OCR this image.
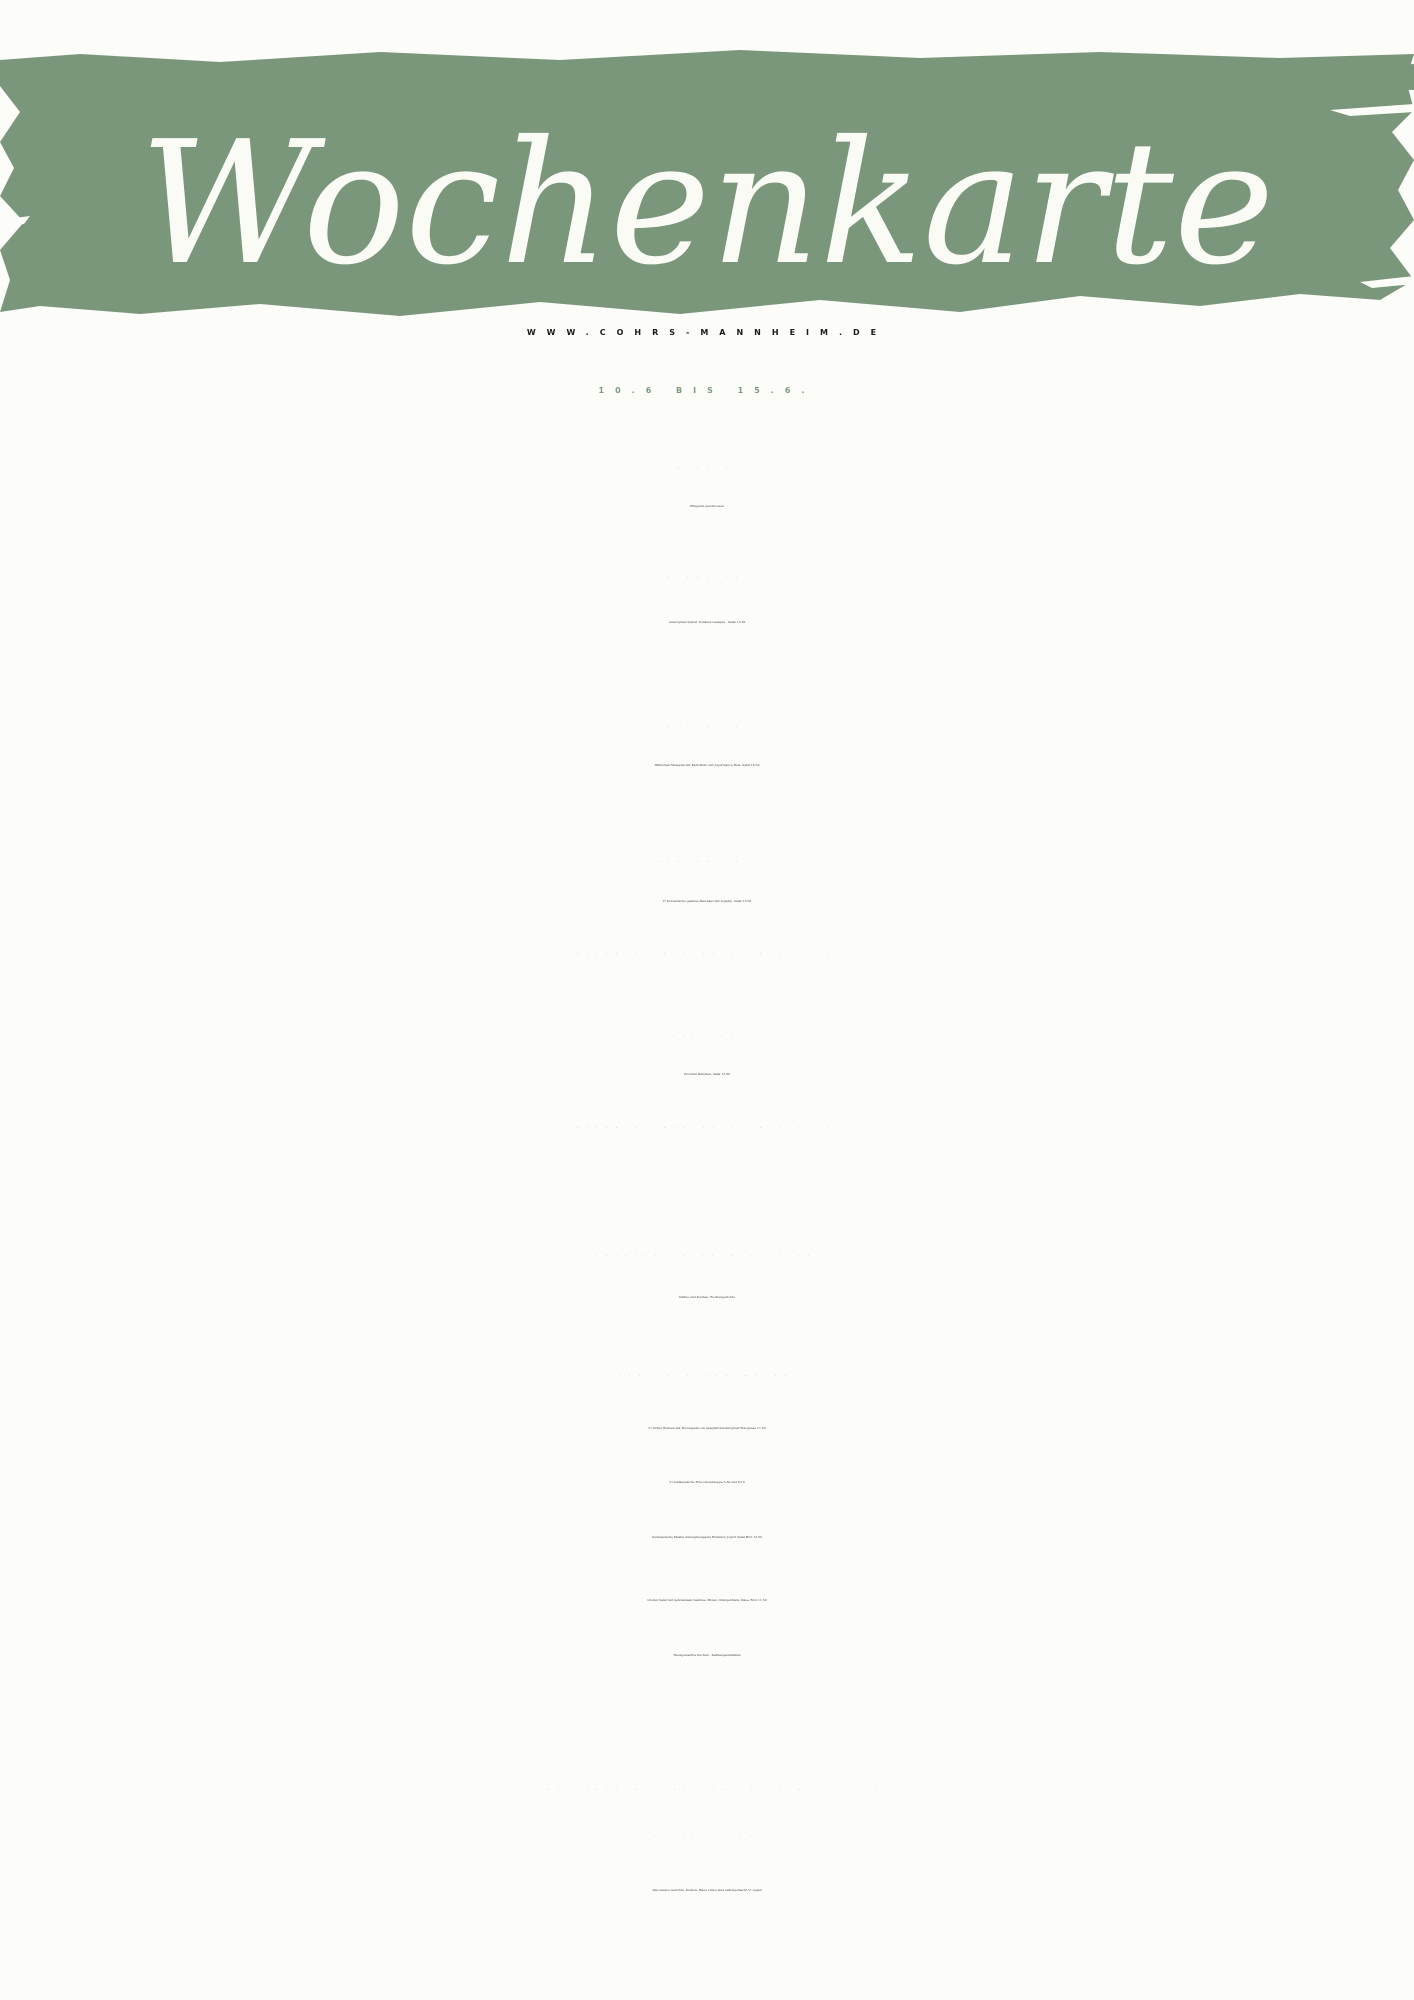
Wochenkarte
WWW.COHRS-MANNHEIM.DE
10.6 BIS 15.6.
MONTAG
Pfingsten geschlossen
DIENSTAG
Auberginen Spinat Tomaten Lasagne , Salat 13,50
MITTWOCH
Hähnchen Malaysia mit Kartoffeln und Jogurtsauce Reis, Salat 14,50
DONNERSTAG
V! Koreanische gemüse Pancakes mit Sojadip, Salat 13,50
BUKOWSKI BAR 20:00 BIS 1:00
FREITAG
Zucchini Buletten, Salat 13,50
BUKOWSKI BAR 20:00 BIS 1:00
SONNTAG 15:00 BIS 19:00
Kaffee und Kuchen, Wochengerichte
GERICHTE DER WOCHE
V! Grüne Bohnen mit Rucolapesto an Spaghetti/Auberginen Bolognese 11,50
V! Sudanesische Rote Linsensuppe 5,30 und 8,10
Sudanesische Falafel Auberginenpaste Hummus Jogurt Salat Brot 13,50
Großer Salat mit gebratenem Gemüse, Pilzen, Orangenfilets, Käse, Brot 11,50
Hausgemachte Kuchen , Kaffeespezialitäten
COHRS GEÖFFNET MO- FR 12:00 BIS 17:00
SO 15-19:00
Alle unsere Gerichte, Kuchen, Haus Limos sind selbstgemacht V! vegan
